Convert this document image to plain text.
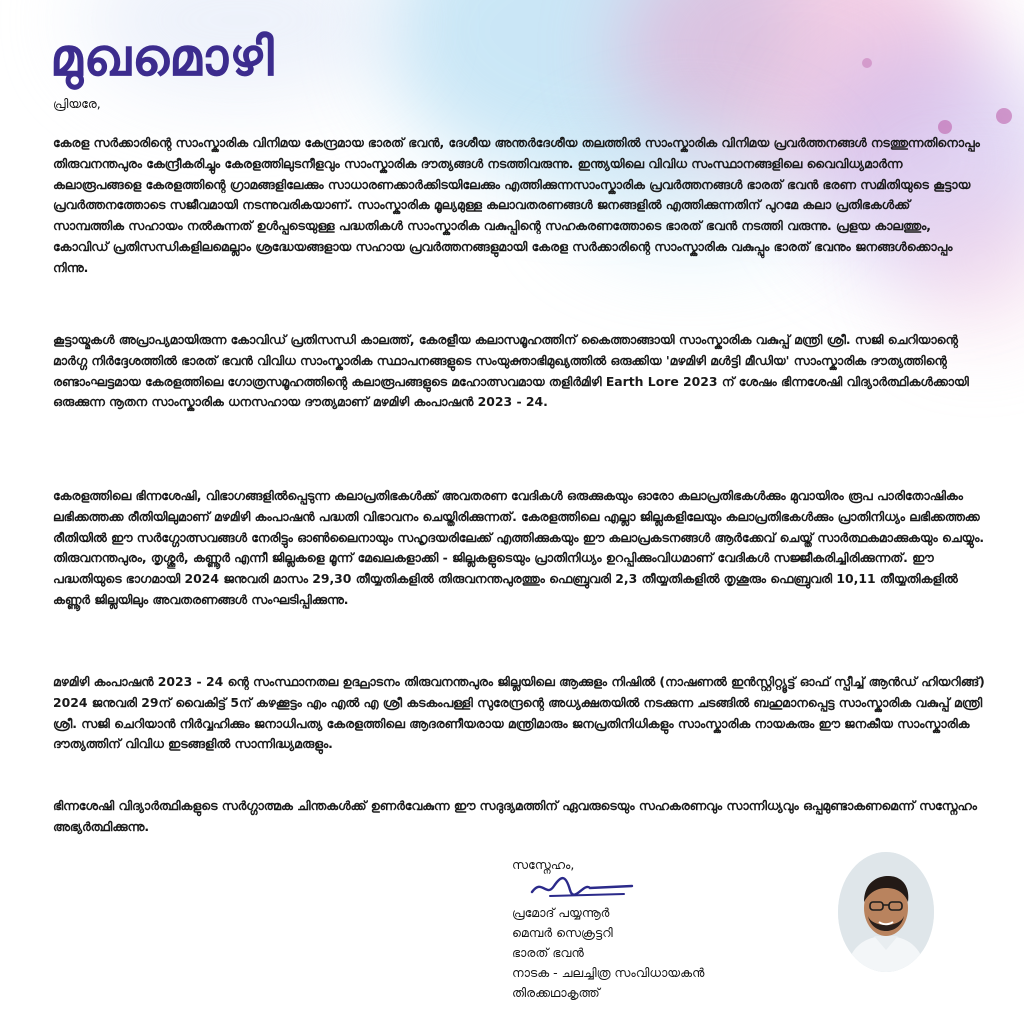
മുഖമൊഴി
പ്രിയരേ,

കേരള സർക്കാരിന്റെ സാംസ്കാരിക വിനിമയ കേന്ദ്രമായ ഭാരത് ഭവൻ, ദേശീയ അന്തർദേശീയ തലത്തിൽ സാംസ്കാരിക വിനിമയ പ്രവർത്തനങ്ങൾ നടത്തുന്നതിനൊപ്പം തിരുവനന്തപുരം കേന്ദ്രീകരിച്ചും കേരളത്തിലുടനീളവും സാംസ്കാരിക ദൗത്യങ്ങൾ നടത്തിവരുന്നു. ഇന്ത്യയിലെ വിവിധ സംസ്ഥാനങ്ങളിലെ വൈവിധ്യമാർന്ന കലാരൂപങ്ങളെ കേരളത്തിന്റെ ഗ്രാമങ്ങളിലേക്കും സാധാരണക്കാർക്കിടയിലേക്കും എത്തിക്കുന്നസാംസ്കാരിക പ്രവർത്തനങ്ങൾ ഭാരത് ഭവൻ ഭരണ സമിതിയുടെ കൂട്ടായ പ്രവർത്തനത്തോടെ സജീവമായി നടന്നുവരികയാണ്. സാംസ്കാരിക മൂല്യമുള്ള കലാവതരണങ്ങൾ ജനങ്ങളിൽ എത്തിക്കുന്നതിന് പുറമേ കലാ പ്രതിഭകൾക്ക് സാമ്പത്തിക സഹായം നൽകുന്നത് ഉൾപ്പടെയുള്ള പദ്ധതികൾ സാംസ്കാരിക വകുപ്പിന്റെ സഹകരണത്തോടെ ഭാരത് ഭവൻ നടത്തി വരുന്നു. പ്രളയ കാലത്തും, കോവിഡ് പ്രതിസന്ധികളിലമെല്ലാം ശ്രദ്ധേയങ്ങളായ സഹായ പ്രവർത്തനങ്ങളുമായി കേരള സർക്കാരിന്റെ സാംസ്കാരിക വകുപ്പും ഭാരത് ഭവനും ജനങ്ങൾക്കൊപ്പം നിന്നു.

കൂട്ടായ്മകൾ അപ്രാപ്യമായിരുന്ന കോവിഡ് പ്രതിസന്ധി കാലത്ത്, കേരളീയ കലാസമൂഹത്തിന് കൈത്താങ്ങായി സാംസ്കാരിക വകുപ്പ് മന്ത്രി ശ്രീ. സജി ചെറിയാന്റെ മാർഗ്ഗ നിർദ്ദേശത്തിൽ ഭാരത് ഭവൻ വിവിധ സാംസ്കാരിക സ്ഥാപനങ്ങളുടെ സംയുക്താഭിമുഖ്യത്തിൽ ഒരുക്കിയ 'മഴമിഴി മൾട്ടി മീഡിയ' സാംസ്കാരിക ദൗത്യത്തിന്റെ രണ്ടാംഘട്ടമായ കേരളത്തിലെ ഗോത്രസമൂഹത്തിന്റെ കലാരൂപങ്ങളുടെ മഹോത്സവമായ തളിർമിഴി Earth Lore 2023 ന് ശേഷം ഭിന്നശേഷി വിദ്യാർത്ഥികൾക്കായി ഒരുക്കുന്ന നൂതന സാംസ്കാരിക ധനസഹായ ദൗത്യമാണ് മഴമിഴി കംപാഷൻ 2023 - 24.

കേരളത്തിലെ ഭിന്നശേഷി, വിഭാഗങ്ങളിൽപ്പെടുന്ന കലാപ്രതിഭകൾക്ക് അവതരണ വേദികൾ ഒരുക്കുകയും ഓരോ കലാപ്രതിഭകൾക്കും മുവായിരം രൂപ പാരിതോഷികം ലഭിക്കത്തക്ക രീതിയിലുമാണ് മഴമിഴി കംപാഷൻ പദ്ധതി വിഭാവനം ചെയ്തിരിക്കുന്നത്. കേരളത്തിലെ എല്ലാ ജില്ലകളിലേയും കലാപ്രതിഭകൾക്കും പ്രാതിനിധ്യം ലഭിക്കത്തക്ക രീതിയിൽ ഈ സർഗ്ഗോത്സവങ്ങൾ നേരിട്ടും ഓൺലൈനായും സഹൃദയരിലേക്ക് എത്തിക്കുകയും ഈ കലാപ്രകടനങ്ങൾ ആർക്കേവ് ചെയ്ത് സാർത്ഥകമാക്കുകയും ചെയ്യും. തിരുവനന്തപുരം, തൃശ്ശൂർ, കണ്ണൂർ എന്നീ ജില്ലകളെ മൂന്ന് മേഖലകളാക്കി - ജില്ലകളുടെയും പ്രാതിനിധ്യം ഉറപ്പിക്കുംവിധമാണ് വേദികൾ സജ്ജീകരിച്ചിരിക്കുന്നത്. ഈ പദ്ധതിയുടെ ഭാഗമായി 2024 ജനുവരി മാസം 29,30 തീയ്യതികളിൽ തിരുവനന്തപുരത്തും ഫെബ്രുവരി 2,3 തീയ്യതികളിൽ തൃശൂരും ഫെബ്രുവരി 10,11 തീയ്യതികളിൽ കണ്ണൂർ ജില്ലയിലും അവതരണങ്ങൾ സംഘടിപ്പിക്കുന്നു.

മഴമിഴി കംപാഷൻ 2023 - 24 ന്റെ സംസ്ഥാനതല ഉദ്ഘാടനം തിരുവനന്തപുരം ജില്ലയിലെ ആക്കുളം നിഷിൽ (നാഷണൽ ഇൻസ്റ്റിറ്റ്യൂട്ട് ഓഫ് സ്പീച്ച് ആൻഡ് ഹിയറിങ്ങ്) 2024 ജനുവരി 29ന് വൈകിട്ട് 5ന് കഴക്കൂട്ടം എം എൽ എ ശ്രീ കടകംപള്ളി സുരേന്ദ്രന്റെ അധ്യക്ഷതയിൽ നടക്കുന്ന ചടങ്ങിൽ ബഹുമാനപ്പെട്ട സാംസ്കാരിക വകുപ്പ് മന്ത്രി ശ്രീ. സജി ചെറിയാൻ നിർവ്വഹിക്കും ജനാധിപത്യ കേരളത്തിലെ ആദരണീയരായ മന്ത്രിമാരും ജനപ്രതിനിധികളും സാംസ്കാരിക നായകരും ഈ ജനകീയ സാംസ്കാരിക ദൗത്യത്തിന് വിവിധ ഇടങ്ങളിൽ സാന്നിദ്ധ്യമരുളും.

ഭിന്നശേഷി വിദ്യാർത്ഥികളുടെ സർഗ്ഗാത്മക ചിന്തകൾക്ക് ഉണർവേകുന്ന ഈ സദുദ്യമത്തിന് ഏവരുടെയും സഹകരണവും സാന്നിധ്യവും ഒപ്പമുണ്ടാകണമെന്ന് സസ്നേഹം അഭ്യർത്ഥിക്കുന്നു.

സസ്നേഹം,
പ്രമോദ് പയ്യന്നൂർ
മെമ്പർ സെക്രട്ടറി
ഭാരത് ഭവൻ
നാടക - ചലച്ചിത്ര സംവിധായകൻ
തിരക്കഥാകൃത്ത്
